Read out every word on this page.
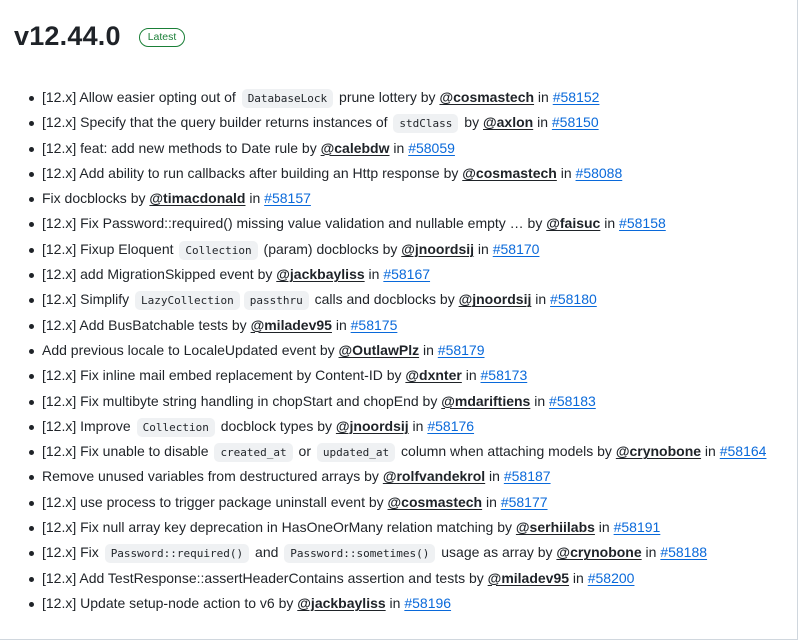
v12.44.0	Latest
[12.x] Allow easier opting out of DatabaseLock prune lottery by @cosmastech in #58152
[12.x] Specify that the query builder returns instances of stdClass by @axlon in #58150
[12.x] feat: add new methods to Date rule by @calebdw in #58059
[12.x] Add ability to run callbacks after building an Http response by @cosmastech in #58088
Fix docblocks by @timacdonald in #58157
[12.x] Fix Password::required() missing value validation and nullable empty … by @faisuc in #58158
[12.x] Fixup Eloquent Collection (param) docblocks by @jnoordsij in #58170
[12.x] add MigrationSkipped event by @jackbayliss in #58167
[12.x] Simplify LazyCollection passthru calls and docblocks by @jnoordsij in #58180
[12.x] Add BusBatchable tests by @miladev95 in #58175
Add previous locale to LocaleUpdated event by @OutlawPlz in #58179
[12.x] Fix inline mail embed replacement by Content-ID by @dxnter in #58173
[12.x] Fix multibyte string handling in chopStart and chopEnd by @mdariftiens in #58183
[12.x] Improve Collection docblock types by @jnoordsij in #58176
[12.x] Fix unable to disable created_at or updated_at column when attaching models by @crynobone in #58164
Remove unused variables from destructured arrays by @rolfvandekrol in #58187
[12.x] use process to trigger package uninstall event by @cosmastech in #58177
[12.x] Fix null array key deprecation in HasOneOrMany relation matching by @serhiilabs in #58191
[12.x] Fix Password::required() and Password::sometimes() usage as array by @crynobone in #58188
[12.x] Add TestResponse::assertHeaderContains assertion and tests by @miladev95 in #58200
[12.x] Update setup-node action to v6 by @jackbayliss in #58196
